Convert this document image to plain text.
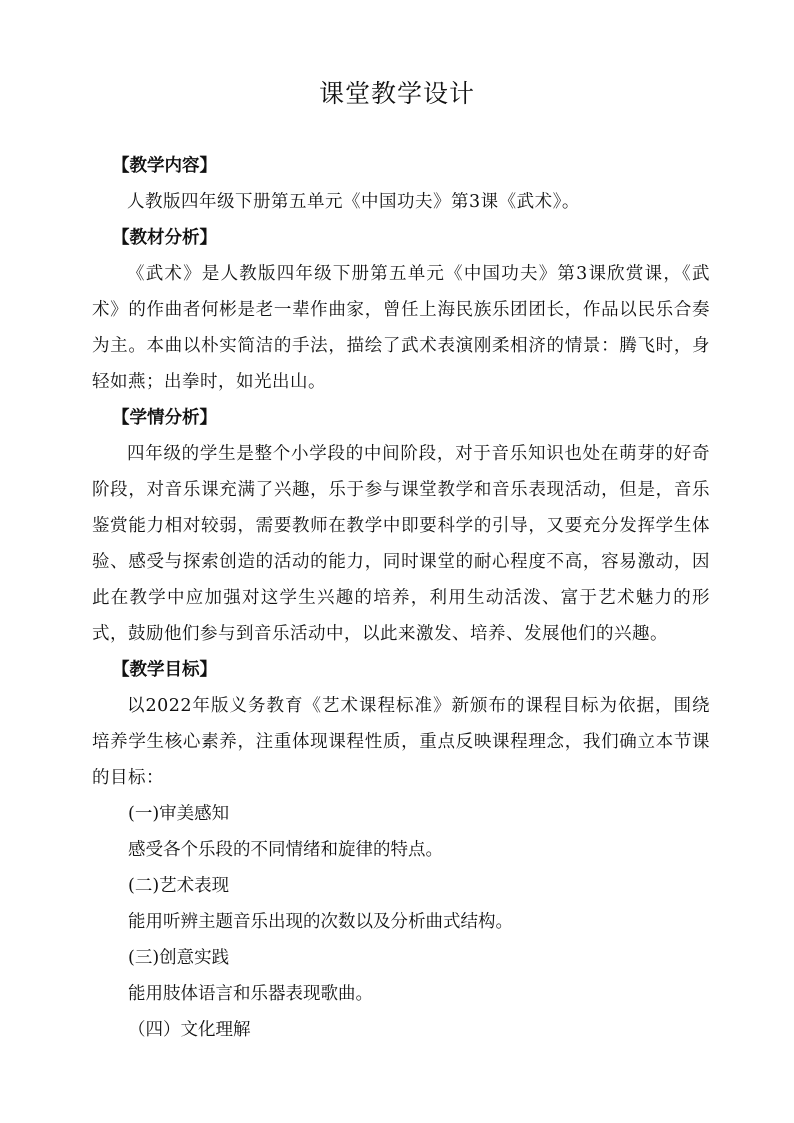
课堂教学设计

【教学内容】

人教版四年级下册第五单元《中国功夫》第3课《武术》。

【教材分析】

《武术》是人教版四年级下册第五单元《中国功夫》第3课欣赏课，《武术》的作曲者何彬是老一辈作曲家，曾任上海民族乐团团长，作品以民乐合奏为主。本曲以朴实简洁的手法，描绘了武术表演刚柔相济的情景：腾飞时，身轻如燕；出拳时，如光出山。

【学情分析】

四年级的学生是整个小学段的中间阶段，对于音乐知识也处在萌芽的好奇阶段，对音乐课充满了兴趣，乐于参与课堂教学和音乐表现活动，但是，音乐鉴赏能力相对较弱，需要教师在教学中即要科学的引导，又要充分发挥学生体验、感受与探索创造的活动的能力，同时课堂的耐心程度不高，容易激动，因此在教学中应加强对这学生兴趣的培养，利用生动活泼、富于艺术魅力的形式，鼓励他们参与到音乐活动中，以此来激发、培养、发展他们的兴趣。

【教学目标】

以2022年版义务教育《艺术课程标准》新颁布的课程目标为依据，围绕培养学生核心素养，注重体现课程性质，重点反映课程理念，我们确立本节课的目标：

(一)审美感知

感受各个乐段的不同情绪和旋律的特点。

(二)艺术表现

能用听辨主题音乐出现的次数以及分析曲式结构。

(三)创意实践

能用肢体语言和乐器表现歌曲。

（四）文化理解
